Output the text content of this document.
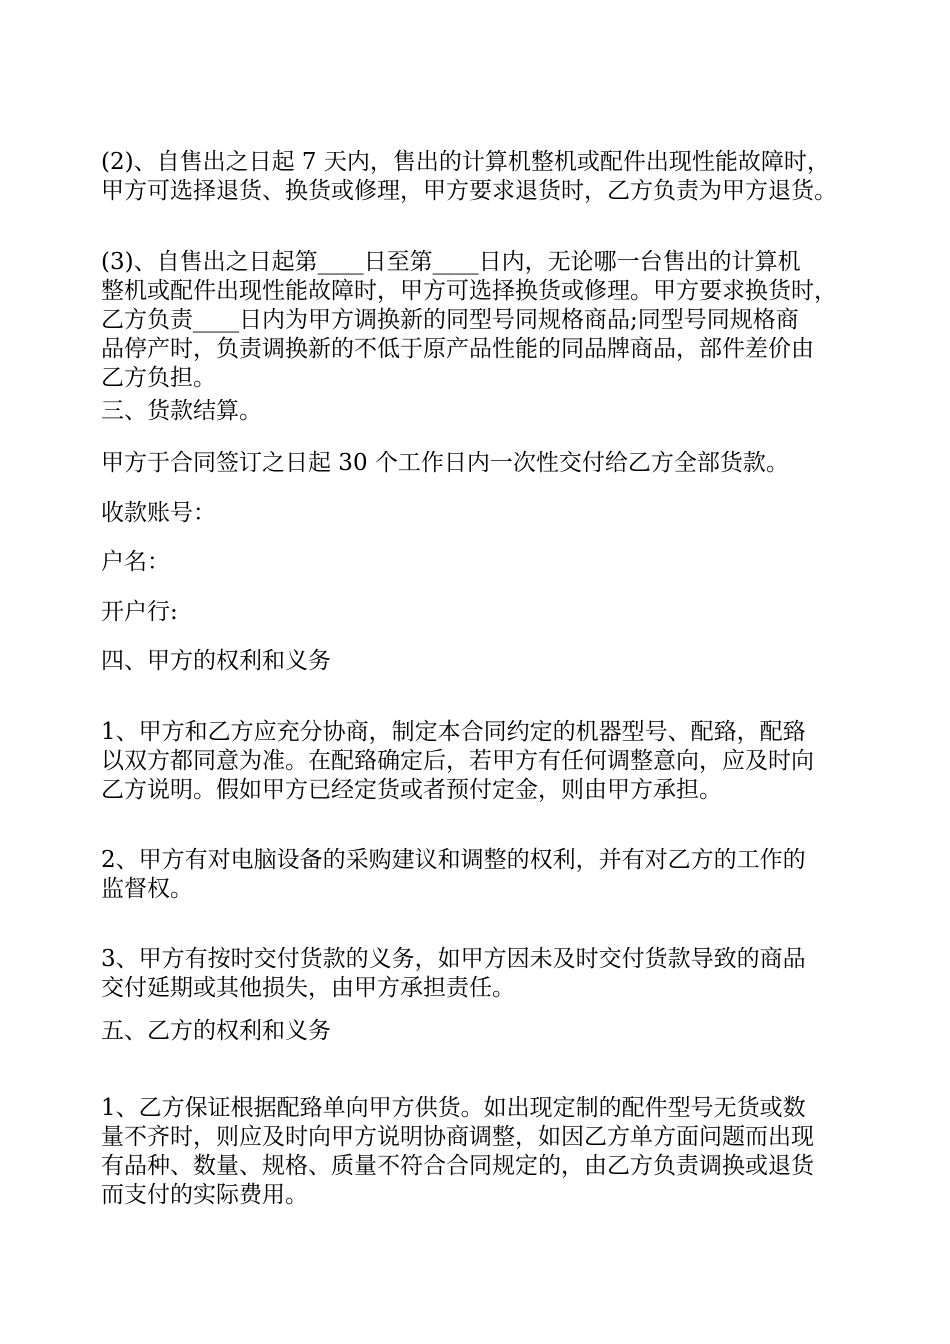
(2)、自售出之日起 7 天内，售出的计算机整机或配件出现性能故障时，
甲方可选择退货、换货或修理，甲方要求退货时，乙方负责为甲方退货。

(3)、自售出之日起第____日至第____日内，无论哪一台售出的计算机
整机或配件出现性能故障时，甲方可选择换货或修理。甲方要求换货时，
乙方负责____日内为甲方调换新的同型号同规格商品;同型号同规格商
品停产时，负责调换新的不低于原产品性能的同品牌商品，部件差价由
乙方负担。

三、货款结算。

甲方于合同签订之日起 30 个工作日内一次性交付给乙方全部货款。

收款账号：

户名：

开户行:

四、甲方的权利和义务

1、甲方和乙方应充分协商，制定本合同约定的机器型号、配臵，配臵
以双方都同意为准。在配臵确定后，若甲方有任何调整意向，应及时向
乙方说明。假如甲方已经定货或者预付定金，则由甲方承担。

2、甲方有对电脑设备的采购建议和调整的权利，并有对乙方的工作的
监督权。

3、甲方有按时交付货款的义务，如甲方因未及时交付货款导致的商品
交付延期或其他损失，由甲方承担责任。

五、乙方的权利和义务

1、乙方保证根据配臵单向甲方供货。如出现定制的配件型号无货或数
量不齐时，则应及时向甲方说明协商调整，如因乙方单方面问题而出现
有品种、数量、规格、质量不符合合同规定的，由乙方负责调换或退货
而支付的实际费用。
